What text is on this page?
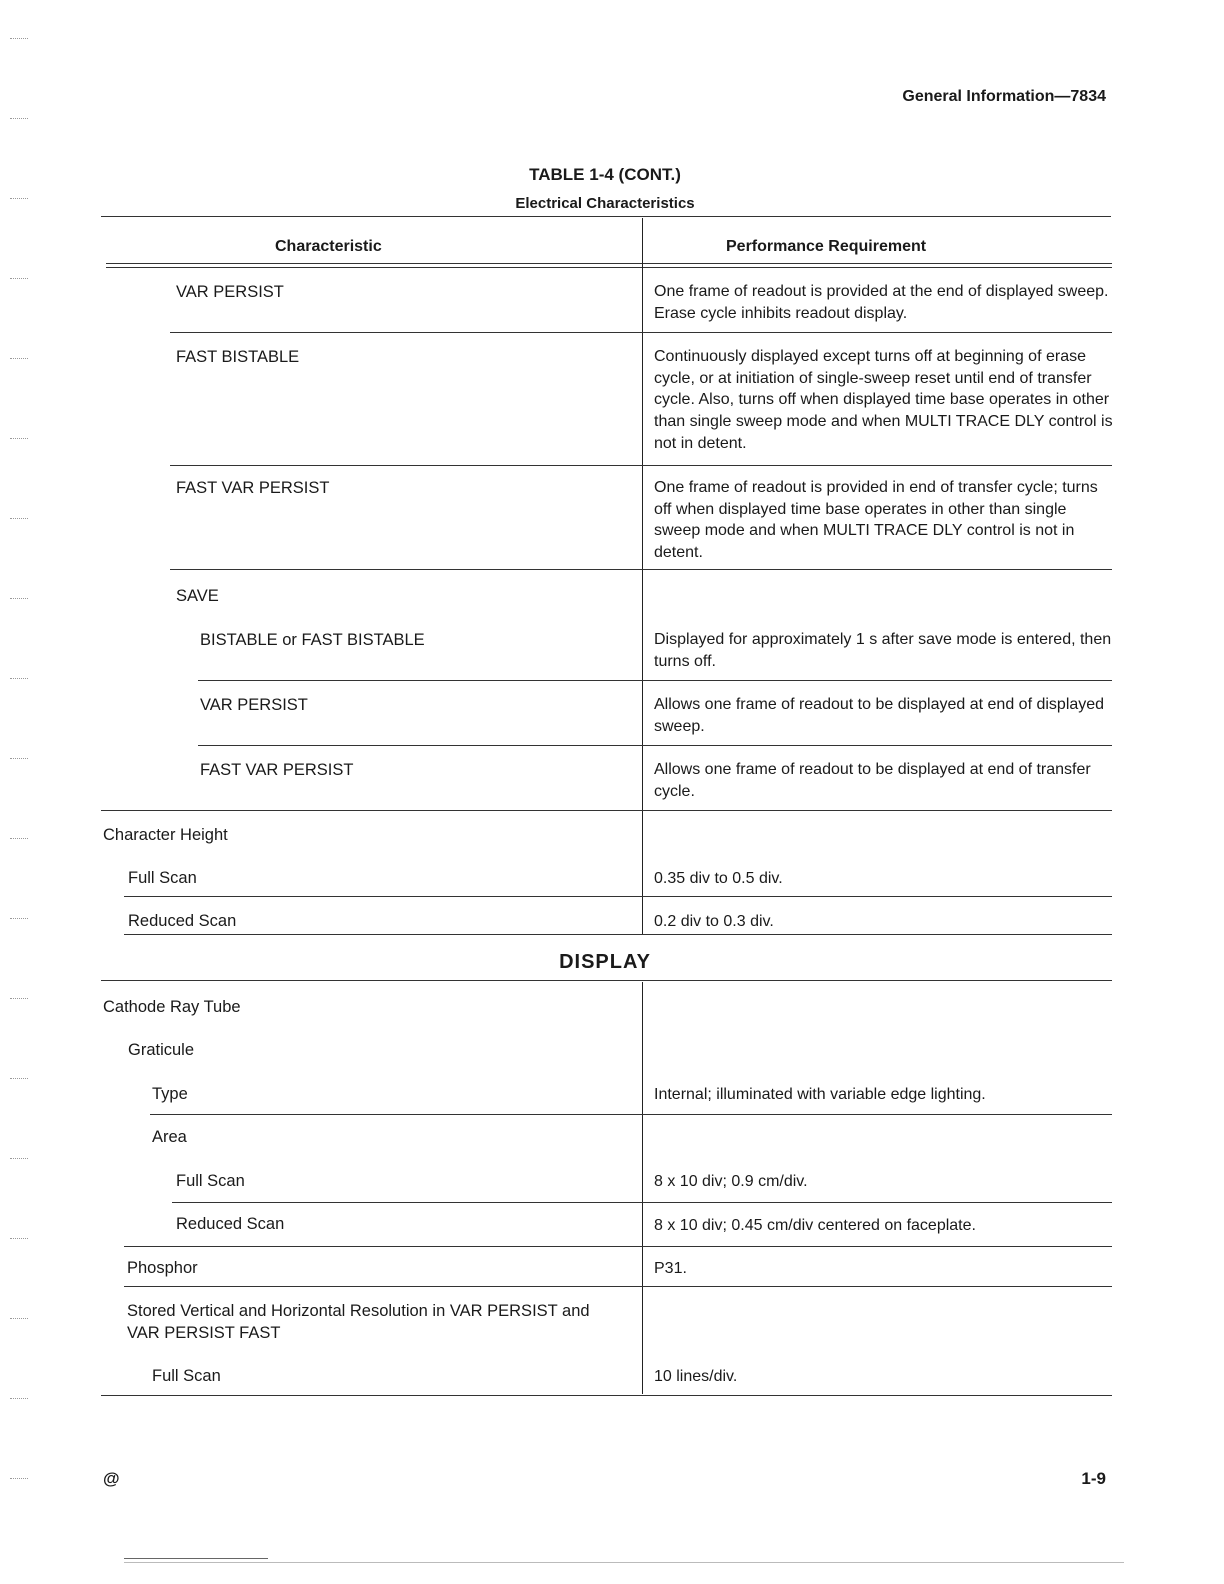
General Information—7834
TABLE 1-4 (CONT.)
Electrical Characteristics
Characteristic	Performance Requirement
VAR PERSIST	One frame of readout is provided at the end of displayed sweep. Erase cycle inhibits readout display.
FAST BISTABLE	Continuously displayed except turns off at beginning of erase cycle, or at initiation of single-sweep reset until end of transfer cycle. Also, turns off when displayed time base operates in other than single sweep mode and when MULTI TRACE DLY control is not in detent.
FAST VAR PERSIST	One frame of readout is provided in end of transfer cycle; turns off when displayed time base operates in other than single sweep mode and when MULTI TRACE DLY control is not in detent.
SAVE
BISTABLE or FAST BISTABLE	Displayed for approximately 1 s after save mode is entered, then turns off.
VAR PERSIST	Allows one frame of readout to be displayed at end of displayed sweep.
FAST VAR PERSIST	Allows one frame of readout to be displayed at end of transfer cycle.
Character Height
Full Scan	0.35 div to 0.5 div.
Reduced Scan	0.2 div to 0.3 div.
DISPLAY
Cathode Ray Tube
Graticule
Type	Internal; illuminated with variable edge lighting.
Area
Full Scan	8 x 10 div; 0.9 cm/div.
Reduced Scan	8 x 10 div; 0.45 cm/div centered on faceplate.
Phosphor	P31.
Stored Vertical and Horizontal Resolution in VAR PERSIST and VAR PERSIST FAST
Full Scan	10 lines/div.
@	1-9
